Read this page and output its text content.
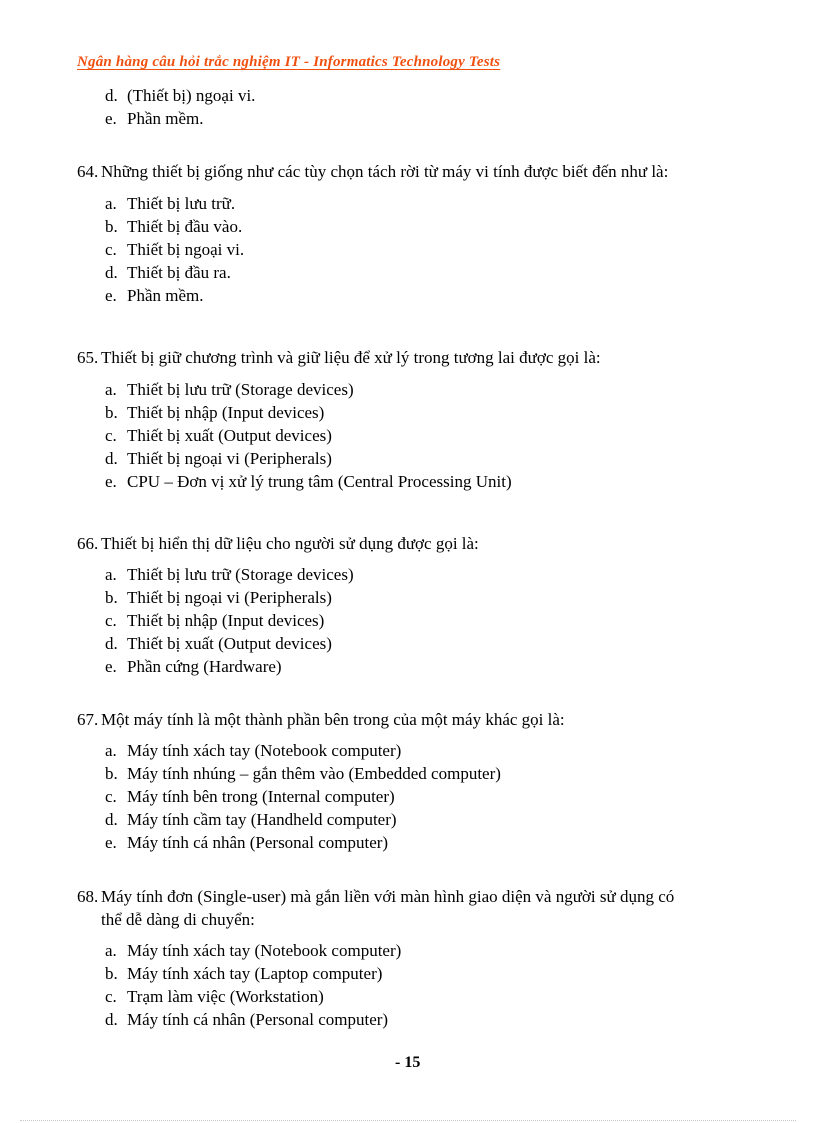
Ngân hàng câu hỏi trắc nghiệm IT - Informatics Technology Tests
d. (Thiết bị) ngoại vi.
e. Phần mềm.
64. Những thiết bị giống như các tùy chọn tách rời từ máy vi tính được biết đến như là:
a. Thiết bị lưu trữ.
b. Thiết bị đầu vào.
c. Thiết bị ngoại vi.
d. Thiết bị đầu ra.
e. Phần mềm.
65. Thiết bị giữ chương trình và giữ liệu để xử lý trong tương lai được gọi là:
a. Thiết bị lưu trữ (Storage devices)
b. Thiết bị nhập (Input devices)
c. Thiết bị xuất (Output devices)
d. Thiết bị ngoại vi (Peripherals)
e. CPU – Đơn vị xử lý trung tâm (Central Processing Unit)
66. Thiết bị hiển thị dữ liệu cho người sử dụng được gọi là:
a. Thiết bị lưu trữ (Storage devices)
b. Thiết bị ngoại vi (Peripherals)
c. Thiết bị nhập (Input devices)
d. Thiết bị xuất (Output devices)
e. Phần cứng (Hardware)
67. Một máy tính là một thành phần bên trong của một máy khác gọi là:
a. Máy tính xách tay (Notebook computer)
b. Máy tính nhúng – gắn thêm vào (Embedded computer)
c. Máy tính bên trong (Internal computer)
d. Máy tính cầm tay (Handheld computer)
e. Máy tính cá nhân (Personal computer)
68. Máy tính đơn (Single-user) mà gắn liền với màn hình giao diện và người sử dụng có
thể dễ dàng di chuyển:
a. Máy tính xách tay (Notebook computer)
b. Máy tính xách tay (Laptop computer)
c. Trạm làm việc (Workstation)
d. Máy tính cá nhân (Personal computer)
- 15
